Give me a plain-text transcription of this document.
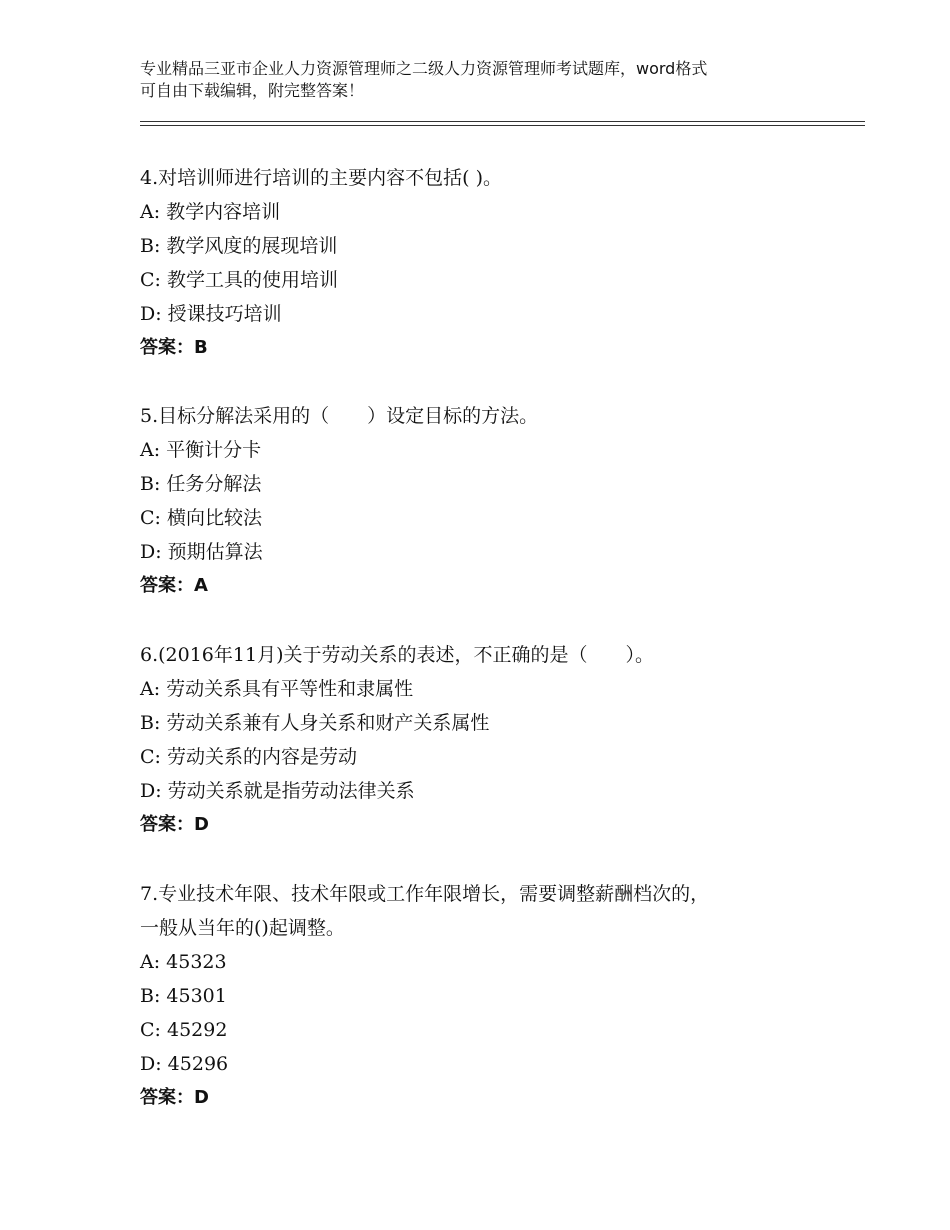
专业精品三亚市企业人力资源管理师之二级人力资源管理师考试题库，word格式
可自由下载编辑，附完整答案！
4.对培训师进行培训的主要内容不包括( )。
A: 教学内容培训
B: 教学风度的展现培训
C: 教学工具的使用培训
D: 授课技巧培训
答案：B
5.目标分解法采用的（　　）设定目标的方法。
A: 平衡计分卡
B: 任务分解法
C: 横向比较法
D: 预期估算法
答案：A
6.(2016年11月)关于劳动关系的表述，不正确的是（　　）。
A: 劳动关系具有平等性和隶属性
B: 劳动关系兼有人身关系和财产关系属性
C: 劳动关系的内容是劳动
D: 劳动关系就是指劳动法律关系
答案：D
7.专业技术年限、技术年限或工作年限增长，需要调整薪酬档次的，
一般从当年的()起调整。
A: 45323
B: 45301
C: 45292
D: 45296
答案：D
